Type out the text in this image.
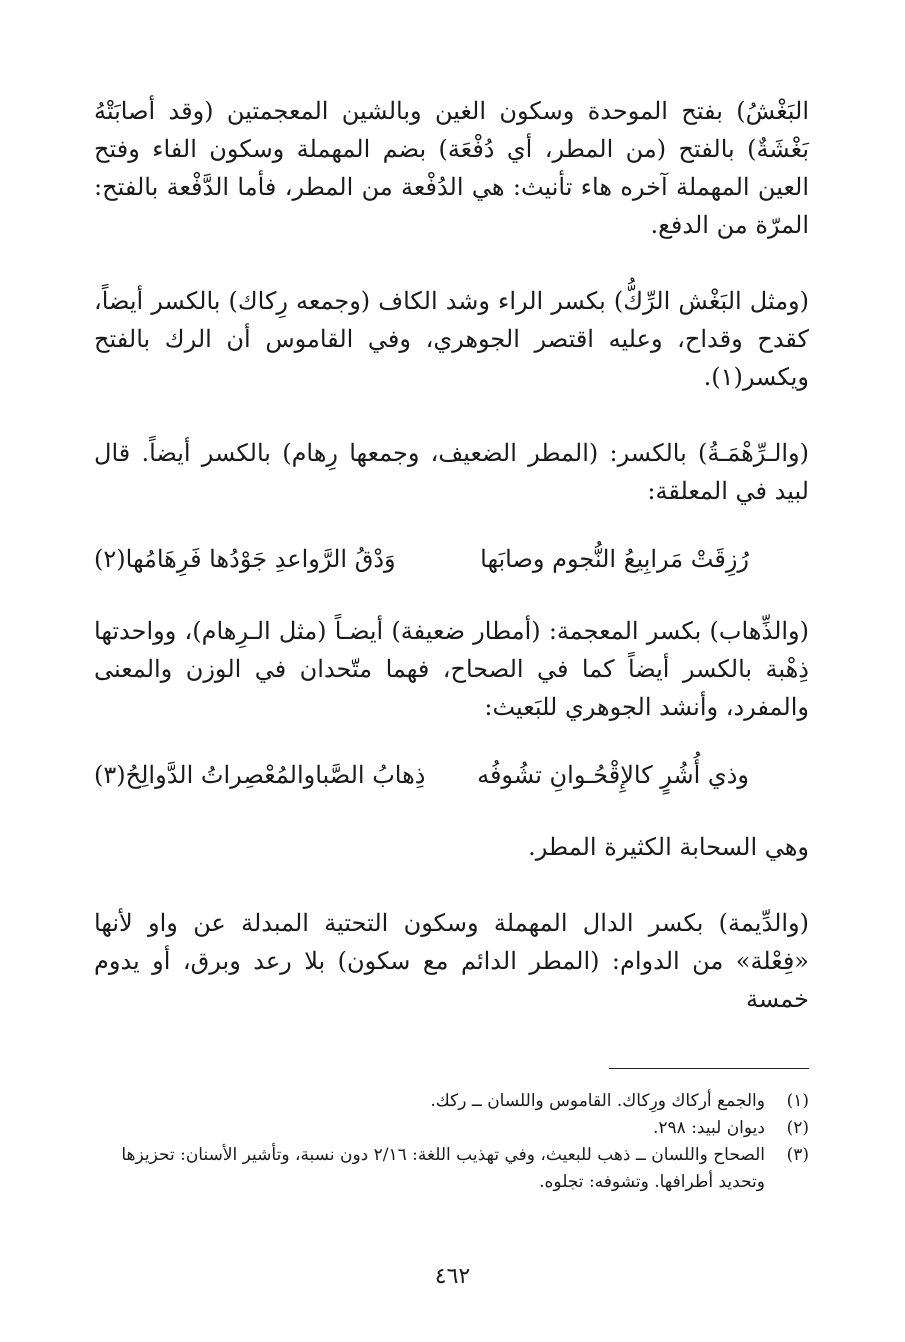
البَغْشُ) بفتح الموحدة وسكون الغين وبالشين المعجمتين (وقد أصابَتْهُ بَغْشَةٌ) بالفتح (من المطر، أي دُفْعَة) بضم المهملة وسكون الفاء وفتح العين المهملة آخره هاء تأنيث: هي الدُفْعة من المطر، فأما الدَّفْعة بالفتح: المرّة من الدفع.

(ومثل البَغْش الرِّكُّ) بكسر الراء وشد الكاف (وجمعه رِكاك) بالكسر أيضاً، كقدح وقداح، وعليه اقتصر الجوهري، وفي القاموس أن الرك بالفتح ويكسر(١).

(والـرِّهْمَـةُ) بالكسر: (المطر الضعيف، وجمعها رِهام) بالكسر أيضاً. قال لبيد في المعلقة:

رُزِقَتْ مَرابِيعُ النُّجوم وصابَها
وَدْقُ الرَّواعدِ جَوْدُها فَرِهَامُها(٢)

(والذِّهاب) بكسر المعجمة: (أمطار ضعيفة) أيضـاً (مثل الـرِهام)، وواحدتها ذِهْبة بالكسر أيضاً كما في الصحاح، فهما متّحدان في الوزن والمعنى والمفرد، وأنشد الجوهري للبَعيث:

وذي أُشُرٍ كالإِقْحُـوانِ تشُوفُه
ذِهابُ الصَّباوالمُعْصِراتُ الدَّوالِحُ(٣)

وهي السحابة الكثيرة المطر.

(والدِّيمة) بكسر الدال المهملة وسكون التحتية المبدلة عن واو لأنها «فِعْلة» من الدوام: (المطر الدائم مع سكون) بلا رعد وبرق، أو يدوم خمسة

(١)
والجمع أركاك ورِكاك. القاموس واللسان ــ ركك.
(٢)
ديوان لبيد: ٢٩٨.
(٣)
الصحاح واللسان ــ ذهب للبعيث، وفي تهذيب اللغة: ٢/١٦ دون نسبة، وتأشير الأسنان: تحزيزها وتحديد أطرافها. وتشوفه: تجلوه.
٤٦٢
